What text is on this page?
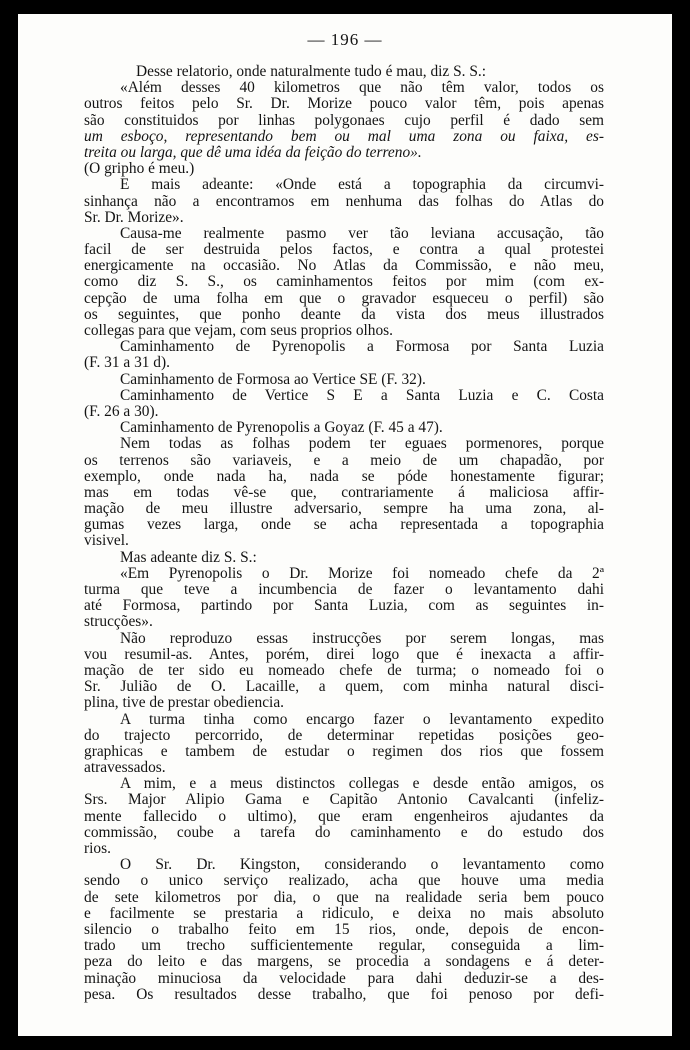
— 196 —
Desse relatorio, onde naturalmente tudo é mau, diz S. S.:
«Além desses 40 kilometros que não têm valor, todos os
outros feitos pelo Sr. Dr. Morize pouco valor têm, pois apenas
são constituidos por linhas polygonaes cujo perfil é dado sem
um esboço, representando bem ou mal uma zona ou faixa, es-
treita ou larga, que dê uma idéa da feição do terreno».
(O gripho é meu.)
E mais adeante: «Onde está a topographia da circumvi-
sinhança não a encontramos em nenhuma das folhas do Atlas do
Sr. Dr. Morize».
Causa-me realmente pasmo ver tão leviana accusação, tão
facil de ser destruida pelos factos, e contra a qual protestei
energicamente na occasião. No Atlas da Commissão, e não meu,
como diz S. S., os caminhamentos feitos por mim (com ex-
cepção de uma folha em que o gravador esqueceu o perfil) são
os seguintes, que ponho deante da vista dos meus illustrados
collegas para que vejam, com seus proprios olhos.
Caminhamento de Pyrenopolis a Formosa por Santa Luzia
(F. 31 a 31 d).
Caminhamento de Formosa ao Vertice SE (F. 32).
Caminhamento de Vertice S E a Santa Luzia e C. Costa
(F. 26 a 30).
Caminhamento de Pyrenopolis a Goyaz (F. 45 a 47).
Nem todas as folhas podem ter eguaes pormenores, porque
os terrenos são variaveis, e a meio de um chapadão, por
exemplo, onde nada ha, nada se póde honestamente figurar;
mas em todas vê-se que, contrariamente á maliciosa affir-
mação de meu illustre adversario, sempre ha uma zona, al-
gumas vezes larga, onde se acha representada a topographia
visivel.
Mas adeante diz S. S.:
«Em Pyrenopolis o Dr. Morize foi nomeado chefe da 2ª
turma que teve a incumbencia de fazer o levantamento dahi
até Formosa, partindo por Santa Luzia, com as seguintes in-
strucções».
Não reproduzo essas instrucções por serem longas, mas
vou resumil-as. Antes, porém, direi logo que é inexacta a affir-
mação de ter sido eu nomeado chefe de turma; o nomeado foi o
Sr. Julião de O. Lacaille, a quem, com minha natural disci-
plina, tive de prestar obediencia.
A turma tinha como encargo fazer o levantamento expedito
do trajecto percorrido, de determinar repetidas posições geo-
graphicas e tambem de estudar o regimen dos rios que fossem
atravessados.
A mim, e a meus distinctos collegas e desde então amigos, os
Srs. Major Alipio Gama e Capitão Antonio Cavalcanti (infeliz-
mente fallecido o ultimo), que eram engenheiros ajudantes da
commissão, coube a tarefa do caminhamento e do estudo dos
rios.
O Sr. Dr. Kingston, considerando o levantamento como
sendo o unico serviço realizado, acha que houve uma media
de sete kilometros por dia, o que na realidade seria bem pouco
e facilmente se prestaria a ridiculo, e deixa no mais absoluto
silencio o trabalho feito em 15 rios, onde, depois de encon-
trado um trecho sufficientemente regular, conseguida a lim-
peza do leito e das margens, se procedia a sondagens e á deter-
minação minuciosa da velocidade para dahi deduzir-se a des-
pesa. Os resultados desse trabalho, que foi penoso por defi-
